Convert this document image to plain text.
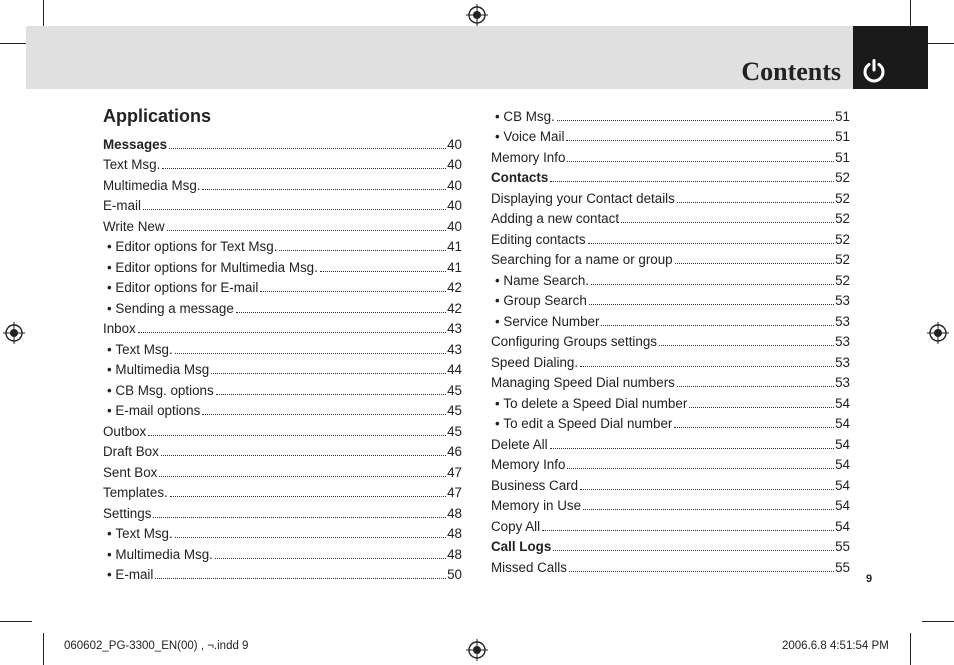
Contents
Applications
Messages	40
Text Msg.	40
Multimedia Msg.	40
E-mail	40
Write New	40
• Editor options for Text Msg.	41
• Editor options for Multimedia Msg.	41
• Editor options for E-mail	42
• Sending a message	42
Inbox	43
• Text Msg.	43
• Multimedia Msg	44
• CB Msg. options	45
• E-mail options	45
Outbox	45
Draft Box	46
Sent Box	47
Templates.	47
Settings	48
• Text Msg.	48
• Multimedia Msg.	48
• E-mail	50
• CB Msg.	51
• Voice Mail	51
Memory Info	51
Contacts	52
Displaying your Contact details	52
Adding a new contact	52
Editing contacts	52
Searching for a name or group	52
• Name Search.	52
• Group Search	53
• Service Number	53
Configuring Groups settings	53
Speed Dialing.	53
Managing Speed Dial numbers	53
• To delete a Speed Dial number	54
• To edit a Speed Dial number	54
Delete All	54
Memory Info	54
Business Card	54
Memory in Use	54
Copy All	54
Call Logs	55
Missed Calls	55
9
060602_PG-3300_EN(00) , ¬.indd 9	2006.6.8 4:51:54 PM
